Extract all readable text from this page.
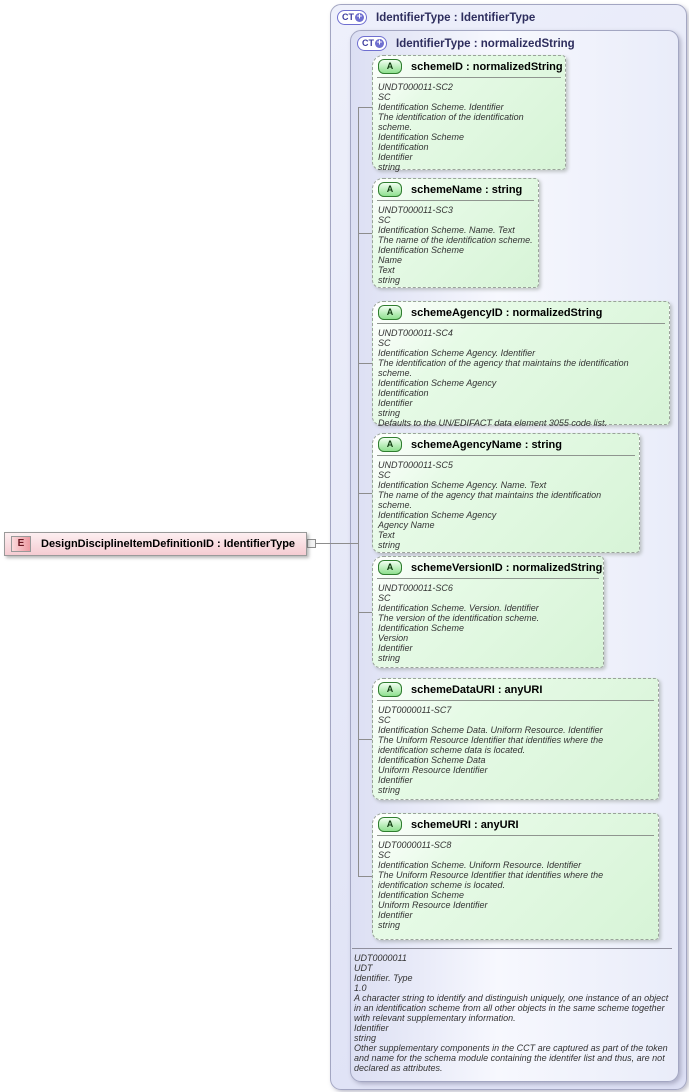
CT + IdentifierType : IdentifierType
CT + IdentifierType : normalizedString
E	DesignDisciplineItemDefinitionID : IdentifierType
A	schemeID : normalizedString
UNDT000011-SC2
SC
Identification Scheme. Identifier
The identification of the identification scheme.
Identification Scheme
Identification
Identifier
string
A	schemeName : string
UNDT000011-SC3
SC
Identification Scheme. Name. Text
The name of the identification scheme.
Identification Scheme
Name
Text
string
A	schemeAgencyID : normalizedString
UNDT000011-SC4
SC
Identification Scheme Agency. Identifier
The identification of the agency that maintains the identification scheme.
Identification Scheme Agency
Identification
Identifier
string
Defaults to the UN/EDIFACT data element 3055 code list.
A	schemeAgencyName : string
UNDT000011-SC5
SC
Identification Scheme Agency. Name. Text
The name of the agency that maintains the identification scheme.
Identification Scheme Agency
Agency Name
Text
string
A	schemeVersionID : normalizedString
UNDT000011-SC6
SC
Identification Scheme. Version. Identifier
The version of the identification scheme.
Identification Scheme
Version
Identifier
string
A	schemeDataURI : anyURI
UDT0000011-SC7
SC
Identification Scheme Data. Uniform Resource. Identifier
The Uniform Resource Identifier that identifies where the identification scheme data is located.
Identification Scheme Data
Uniform Resource Identifier
Identifier
string
A	schemeURI : anyURI
UDT0000011-SC8
SC
Identification Scheme. Uniform Resource. Identifier
The Uniform Resource Identifier that identifies where the identification scheme is located.
Identification Scheme
Uniform Resource Identifier
Identifier
string
UDT0000011
UDT
Identifier. Type
1.0
A character string to identify and distinguish uniquely, one instance of an object in an identification scheme from all other objects in the same scheme together with relevant supplementary information.
Identifier
string
Other supplementary components in the CCT are captured as part of the token and name for the schema module containing the identifer list and thus, are not declared as attributes.
